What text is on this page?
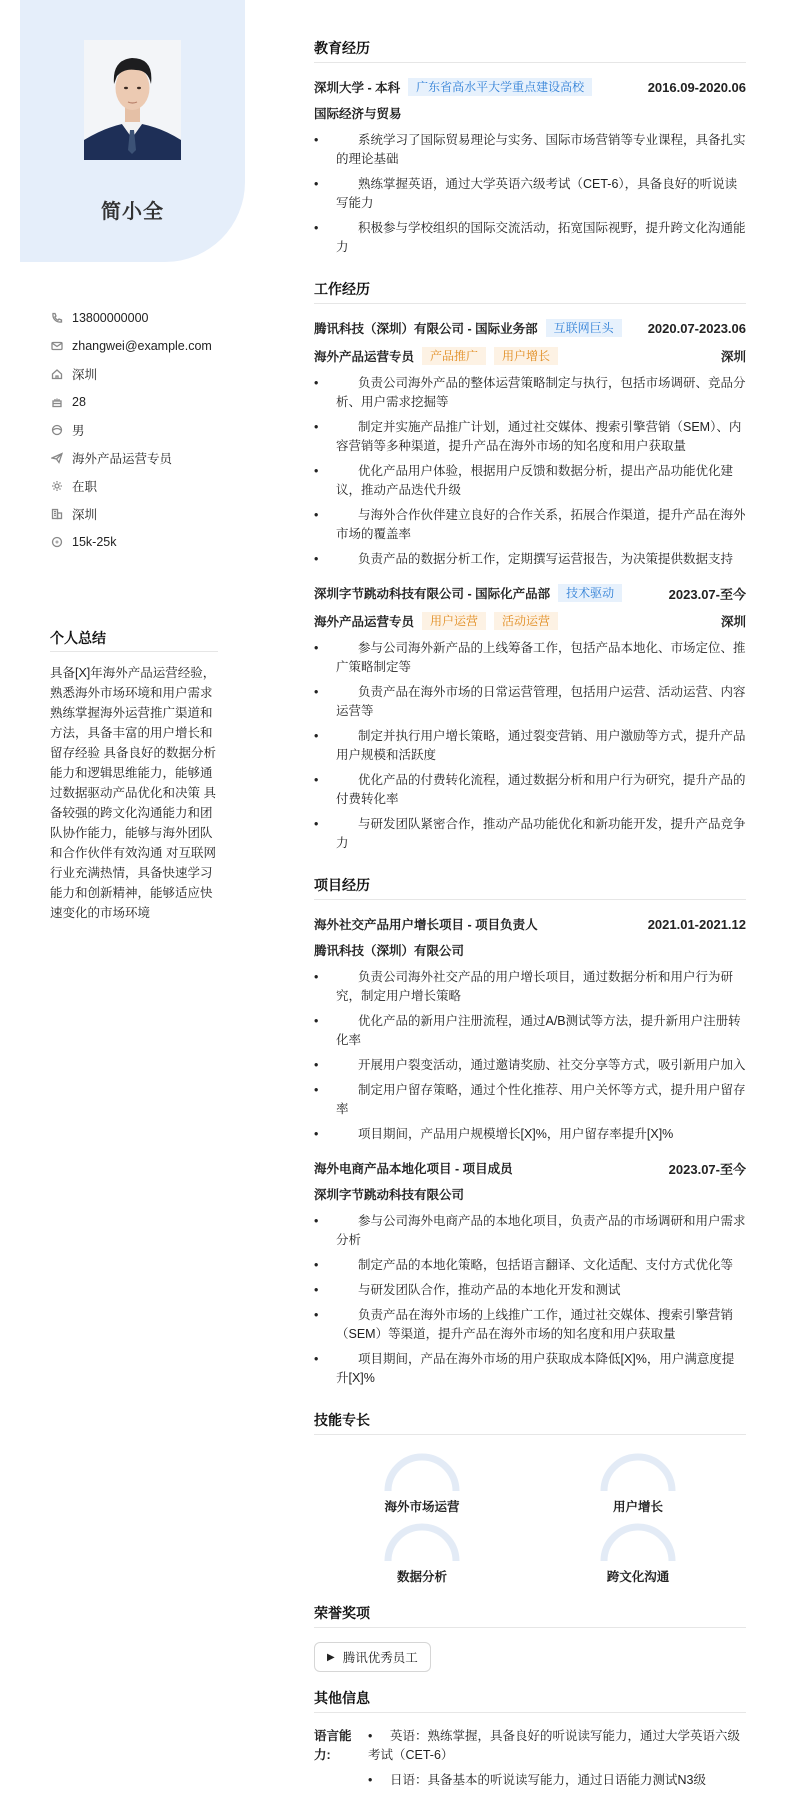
简小全
13800000000
zhangwei@example.com
深圳
28
男
海外产品运营专员
在职
深圳
15k-25k
个人总结
具备[X]年海外产品运营经验，熟悉海外市场环境和用户需求 熟练掌握海外运营推广渠道和方法，具备丰富的用户增长和留存经验 具备良好的数据分析能力和逻辑思维能力，能够通过数据驱动产品优化和决策 具备较强的跨文化沟通能力和团队协作能力，能够与海外团队和合作伙伴有效沟通 对互联网行业充满热情，具备快速学习能力和创新精神，能够适应快速变化的市场环境
教育经历
深圳大学 - 本科	广东省高水平大学重点建设高校	2016.09-2020.06
国际经济与贸易
• 系统学习了国际贸易理论与实务、国际市场营销等专业课程，具备扎实的理论基础
• 熟练掌握英语，通过大学英语六级考试（CET-6），具备良好的听说读写能力
• 积极参与学校组织的国际交流活动，拓宽国际视野，提升跨文化沟通能力
工作经历
腾讯科技（深圳）有限公司 - 国际业务部	互联网巨头	2020.07-2023.06
海外产品运营专员	产品推广	用户增长	深圳
• 负责公司海外产品的整体运营策略制定与执行，包括市场调研、竞品分析、用户需求挖掘等
• 制定并实施产品推广计划，通过社交媒体、搜索引擎营销（SEM）、内容营销等多种渠道，提升产品在海外市场的知名度和用户获取量
• 优化产品用户体验，根据用户反馈和数据分析，提出产品功能优化建议，推动产品迭代升级
• 与海外合作伙伴建立良好的合作关系，拓展合作渠道，提升产品在海外市场的覆盖率
• 负责产品的数据分析工作，定期撰写运营报告，为决策提供数据支持
深圳字节跳动科技有限公司 - 国际化产品部	技术驱动	2023.07-至今
海外产品运营专员	用户运营	活动运营	深圳
• 参与公司海外新产品的上线筹备工作，包括产品本地化、市场定位、推广策略制定等
• 负责产品在海外市场的日常运营管理，包括用户运营、活动运营、内容运营等
• 制定并执行用户增长策略，通过裂变营销、用户激励等方式，提升产品用户规模和活跃度
• 优化产品的付费转化流程，通过数据分析和用户行为研究，提升产品的付费转化率
• 与研发团队紧密合作，推动产品功能优化和新功能开发，提升产品竞争力
项目经历
海外社交产品用户增长项目 - 项目负责人	2021.01-2021.12
腾讯科技（深圳）有限公司
• 负责公司海外社交产品的用户增长项目，通过数据分析和用户行为研究，制定用户增长策略
• 优化产品的新用户注册流程，通过A/B测试等方法，提升新用户注册转化率
• 开展用户裂变活动，通过邀请奖励、社交分享等方式，吸引新用户加入
• 制定用户留存策略，通过个性化推荐、用户关怀等方式，提升用户留存率
• 项目期间，产品用户规模增长[X]%，用户留存率提升[X]%
海外电商产品本地化项目 - 项目成员	2023.07-至今
深圳字节跳动科技有限公司
• 参与公司海外电商产品的本地化项目，负责产品的市场调研和用户需求分析
• 制定产品的本地化策略，包括语言翻译、文化适配、支付方式优化等
• 与研发团队合作，推动产品的本地化开发和测试
• 负责产品在海外市场的上线推广工作，通过社交媒体、搜索引擎营销（SEM）等渠道，提升产品在海外市场的知名度和用户获取量
• 项目期间，产品在海外市场的用户获取成本降低[X]%，用户满意度提升[X]%
技能专长
海外市场运营	用户增长
数据分析	跨文化沟通
荣誉奖项
▶ 腾讯优秀员工
其他信息
语言能力:
• 英语：熟练掌握，具备良好的听说读写能力，通过大学英语六级考试（CET-6）
• 日语：具备基本的听说读写能力，通过日语能力测试N3级
